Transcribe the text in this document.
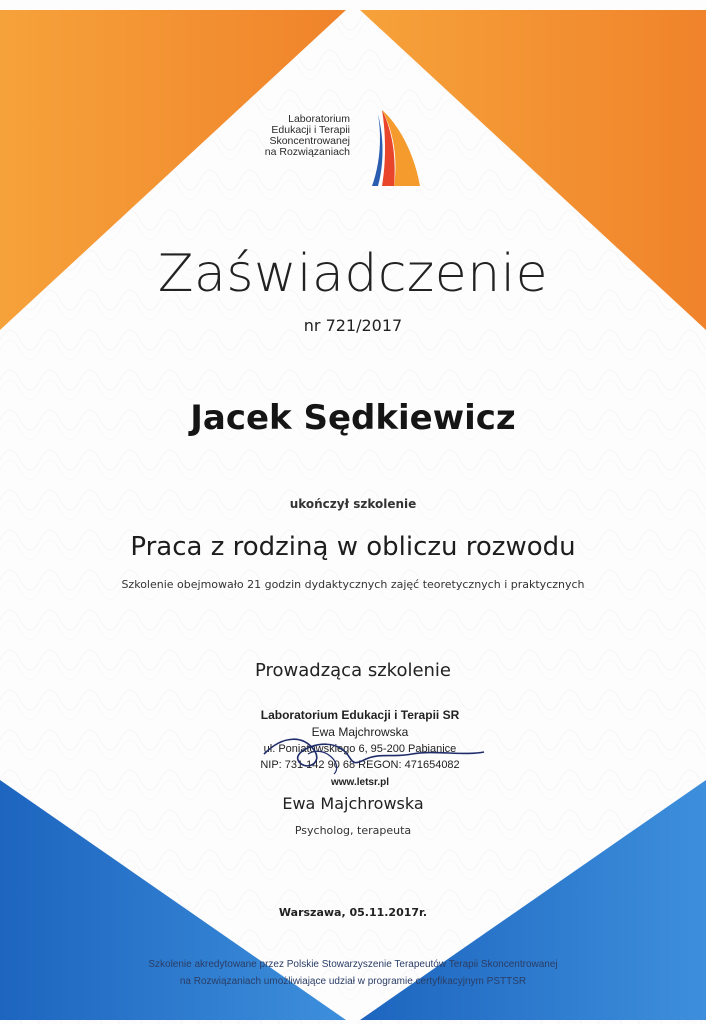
Laboratorium
Edukacji i Terapii
Skoncentrowanej
na Rozwiązaniach
Zaświadczenie
nr 721/2017
Jacek Sędkiewicz
ukończył szkolenie
Praca z rodziną w obliczu rozwodu
Szkolenie obejmowało 21 godzin dydaktycznych zajęć teoretycznych i praktycznych
Prowadząca szkolenie
Laboratorium Edukacji i Terapii SR
Ewa Majchrowska
ul. Poniatowskiego 6, 95-200 Pabianice
NIP: 731 142 90 68 REGON: 471654082
www.letsr.pl
Ewa Majchrowska
Psycholog, terapeuta
Warszawa, 05.11.2017r.
Szkolenie akredytowane przez Polskie Stowarzyszenie Terapeutów Terapii Skoncentrowanej
na Rozwiązaniach umożliwiające udział w programie certyfikacyjnym PSTTSR
